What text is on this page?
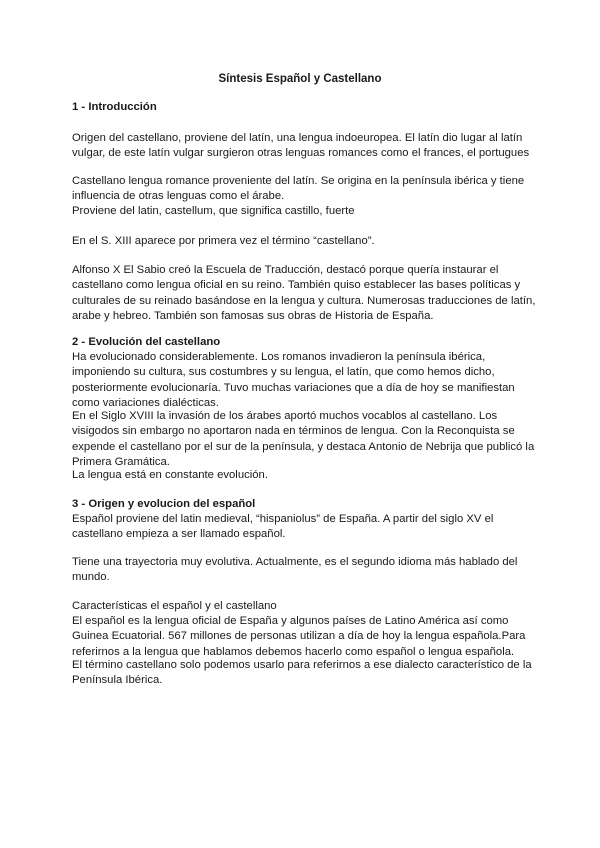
Síntesis Español y Castellano
1 - Introducción

Origen del castellano, proviene del latín, una lengua indoeuropea. El latín dio lugar al latín vulgar, de este latín vulgar surgieron otras lenguas romances como el frances, el portugues

Castellano lengua romance proveniente del latín. Se origina en la península ibérica y tiene influencia de otras lenguas como el árabe.

Proviene del latin, castellum, que significa castillo, fuerte

En el S. XIII aparece por primera vez el término “castellano”.

Alfonso X El Sabio creó la Escuela de Traducción, destacó porque quería instaurar el castellano como lengua oficial en su reino. También quiso establecer las bases políticas y culturales de su reinado basándose en la lengua y cultura. Numerosas traducciones de latín, arabe y hebreo. También son famosas sus obras de Historia de España.

2 - Evolución del castellano

Ha evolucionado considerablemente. Los romanos invadieron la península ibérica, imponiendo su cultura, sus costumbres y su lengua, el latín, que como hemos dicho, posteriormente evolucionaría. Tuvo muchas variaciones que a día de hoy se manifiestan como variaciones dialécticas.

En el Siglo XVIII la invasión de los árabes aportó muchos vocablos al castellano. Los visigodos sin embargo no aportaron nada en términos de lengua. Con la Reconquista se expende el castellano por el sur de la península, y destaca Antonio de Nebrija que publicó la Primera Gramática.

La lengua está en constante evolución.

3 - Origen y evolucion del español

Español proviene del latin medieval, “hispaniolus” de España. A partir del siglo XV el castellano empieza a ser llamado español.

Tiene una trayectoria muy evolutiva. Actualmente, es el segundo idioma más hablado del mundo.

Características el español y el castellano

El español es la lengua oficial de España y algunos países de Latino América así como Guinea Ecuatorial. 567 millones de personas utilizan a día de hoy la lengua española.Para referirnos a la lengua que hablamos debemos hacerlo como español o lengua española.

El término castellano solo podemos usarlo para referirnos a ese dialecto característico de la Península Ibérica.
